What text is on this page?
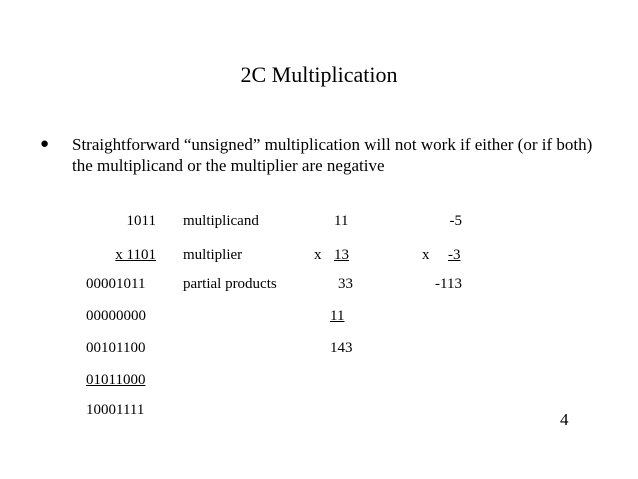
2C Multiplication
● Straightforward “unsigned” multiplication will not work if either (or if both) the multiplicand or the multiplier are negative
1011
x 1101
00001011
00000000
00101100
01011000
10001111
multiplicand
multiplier
partial products
11
x 13
33
11
143
-5
x -3
-113
4
